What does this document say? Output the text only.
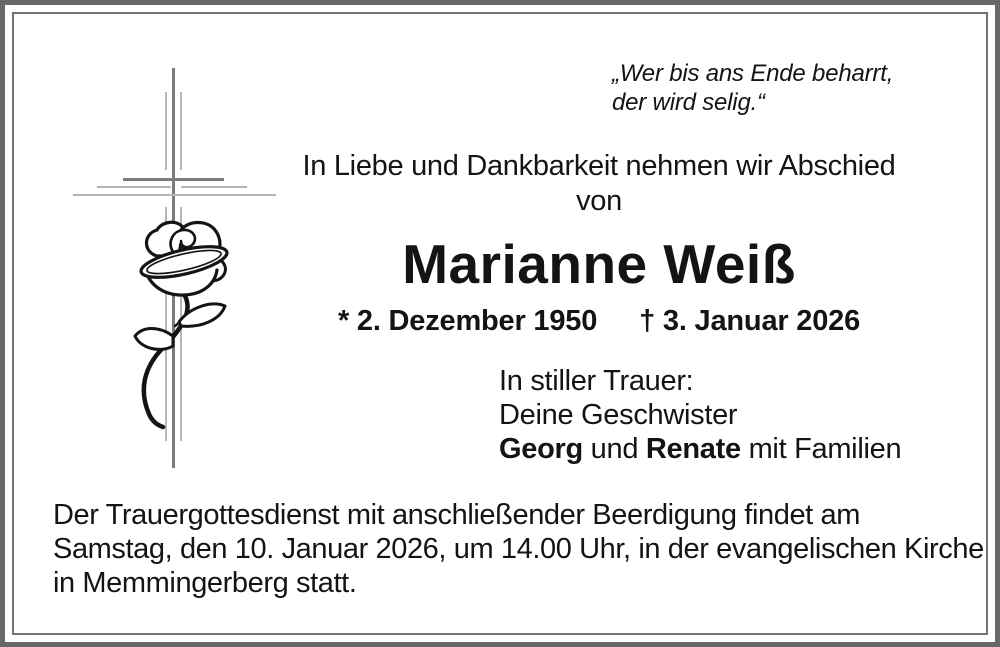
„Wer bis ans Ende beharrt,
der wird selig.“
In Liebe und Dankbarkeit nehmen wir Abschied
von
Marianne Weiß
* 2. Dezember 1950 † 3. Januar 2026
In stiller Trauer:
Deine Geschwister
Georg und Renate mit Familien
Der Trauergottesdienst mit anschließender Beerdigung findet am
Samstag, den 10. Januar 2026, um 14.00 Uhr, in der evangelischen Kirche
in Memmingerberg statt.
